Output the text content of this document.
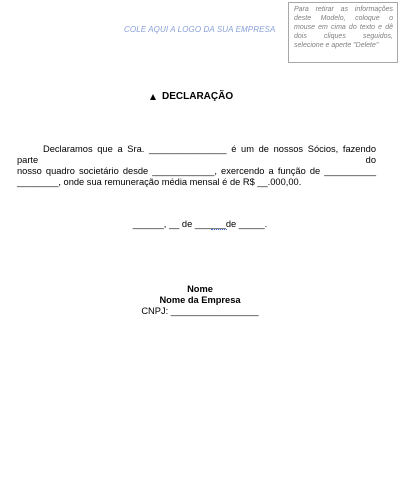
COLE AQUI A LOGO DA SUA EMPRESA
Para retirar as informações deste Modelo, coloque o mouse em cima do texto e dê dois cliques seguidos, selecione e aperte "Delete"
DECLARAÇÃO
Declaramos que a Sra. _______________ é um de nossos Sócios, fazendo parte do
nosso quadro societário desde ____________, exercendo a função de __________
________, onde sua remuneração média mensal é de R$ __.000,00.
______, __ de ______de _____.
Nome
Nome da Empresa
CNPJ: _________________
